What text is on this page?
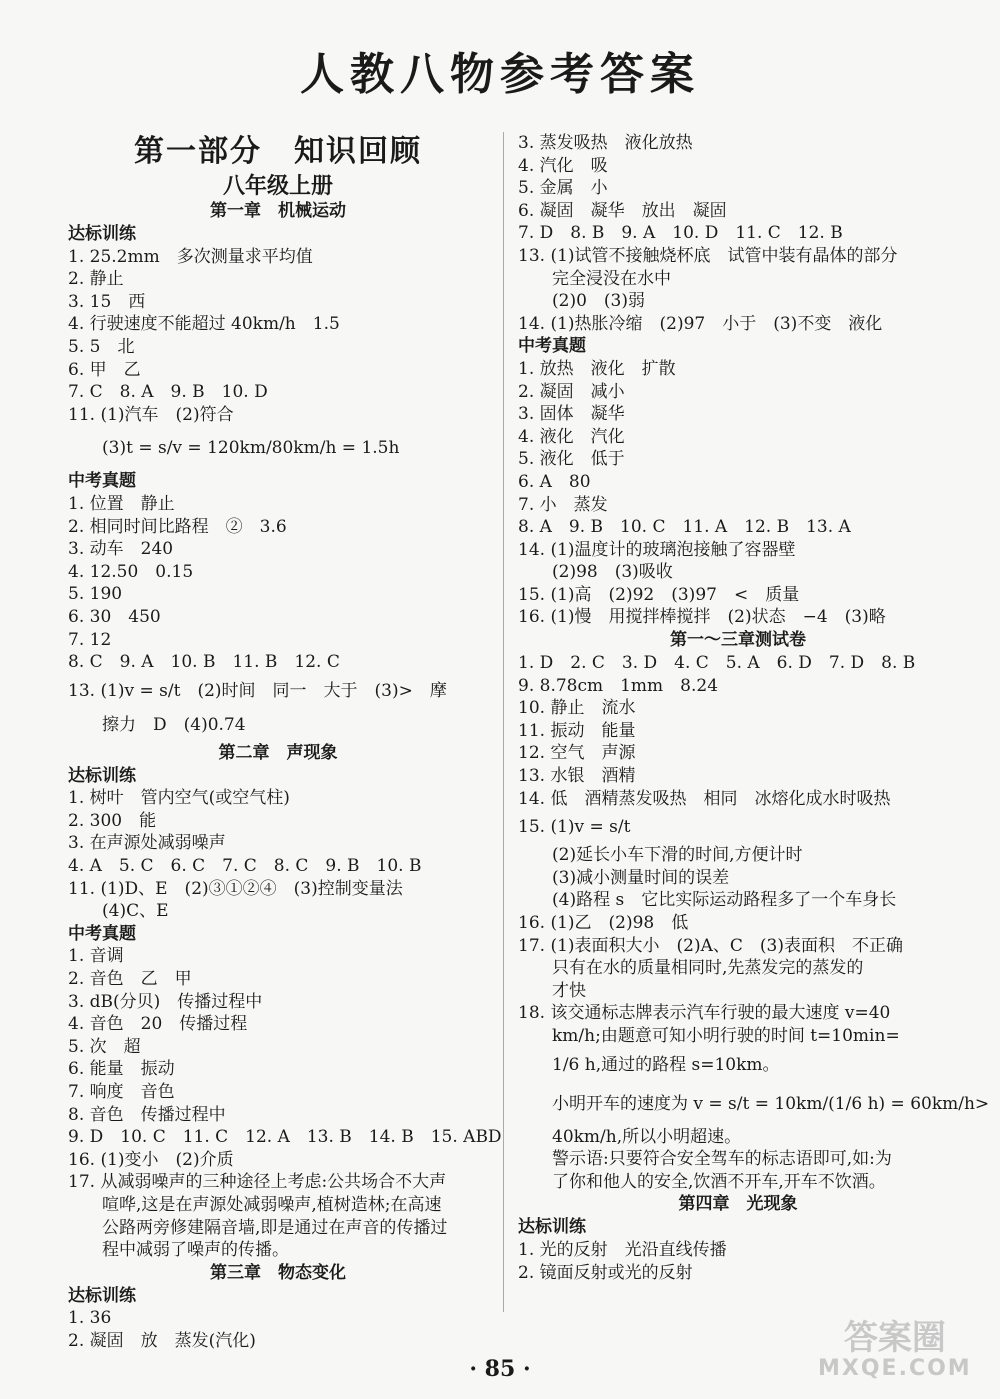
人教八物参考答案
第一部分　知识回顾
八年级上册
第一章　机械运动
达标训练
1. 25.2mm　多次测量求平均值
2. 静止
3. 15　西
4. 行驶速度不能超过 40km/h　1.5
5. 5　北
6. 甲　乙
7. C　8. A　9. B　10. D
11. (1)汽车　(2)符合
　　(3)t = s/v = 120km/80km/h = 1.5h
中考真题
1. 位置　静止
2. 相同时间比路程　②　3.6
3. 动车　240
4. 12.50　0.15
5. 190
6. 30　450
7. 12
8. C　9. A　10. B　11. B　12. C
13. (1)v = s/t　(2)时间　同一　大于　(3)>　摩
　　擦力　D　(4)0.74
第二章　声现象
达标训练
1. 树叶　管内空气(或空气柱)
2. 300　能
3. 在声源处减弱噪声
4. A　5. C　6. C　7. C　8. C　9. B　10. B
11. (1)D、E　(2)③①②④　(3)控制变量法
　　(4)C、E
中考真题
1. 音调
2. 音色　乙　甲
3. dB(分贝)　传播过程中
4. 音色　20　传播过程
5. 次　超
6. 能量　振动
7. 响度　音色
8. 音色　传播过程中
9. D　10. C　11. C　12. A　13. B　14. B　15. ABD
16. (1)变小　(2)介质
17. 从减弱噪声的三种途径上考虑:公共场合不大声
　　喧哗,这是在声源处减弱噪声,植树造林;在高速
　　公路两旁修建隔音墙,即是通过在声音的传播过
　　程中减弱了噪声的传播。
第三章　物态变化
达标训练
1. 36
2. 凝固　放　蒸发(汽化)
3. 蒸发吸热　液化放热
4. 汽化　吸
5. 金属　小
6. 凝固　凝华　放出　凝固
7. D　8. B　9. A　10. D　11. C　12. B
13. (1)试管不接触烧杯底　试管中装有晶体的部分
　　完全浸没在水中
　　(2)0　(3)弱
14. (1)热胀冷缩　(2)97　小于　(3)不变　液化
中考真题
1. 放热　液化　扩散
2. 凝固　减小
3. 固体　凝华
4. 液化　汽化
5. 液化　低于
6. A　80
7. 小　蒸发
8. A　9. B　10. C　11. A　12. B　13. A
14. (1)温度计的玻璃泡接触了容器壁
　　(2)98　(3)吸收
15. (1)高　(2)92　(3)97　<　质量
16. (1)慢　用搅拌棒搅拌　(2)状态　−4　(3)略
第一～三章测试卷
1. D　2. C　3. D　4. C　5. A　6. D　7. D　8. B
9. 8.78cm　1mm　8.24
10. 静止　流水
11. 振动　能量
12. 空气　声源
13. 水银　酒精
14. 低　酒精蒸发吸热　相同　冰熔化成水时吸热
15. (1)v = s/t
　　(2)延长小车下滑的时间,方便计时
　　(3)减小测量时间的误差
　　(4)路程 s　它比实际运动路程多了一个车身长
16. (1)乙　(2)98　低
17. (1)表面积大小　(2)A、C　(3)表面积　不正确
　　只有在水的质量相同时,先蒸发完的蒸发的
　　才快
18. 该交通标志牌表示汽车行驶的最大速度 v=40
　　km/h;由题意可知小明行驶的时间 t=10min=
　　1/6 h,通过的路程 s=10km。
　　小明开车的速度为 v = s/t = 10km/(1/6 h) = 60km/h>
　　40km/h,所以小明超速。
　　警示语:只要符合安全驾车的标志语即可,如:为
　　了你和他人的安全,饮酒不开车,开车不饮酒。
第四章　光现象
达标训练
1. 光的反射　光沿直线传播
2. 镜面反射或光的反射
· 85 ·
答案圈
MXQE.COM
